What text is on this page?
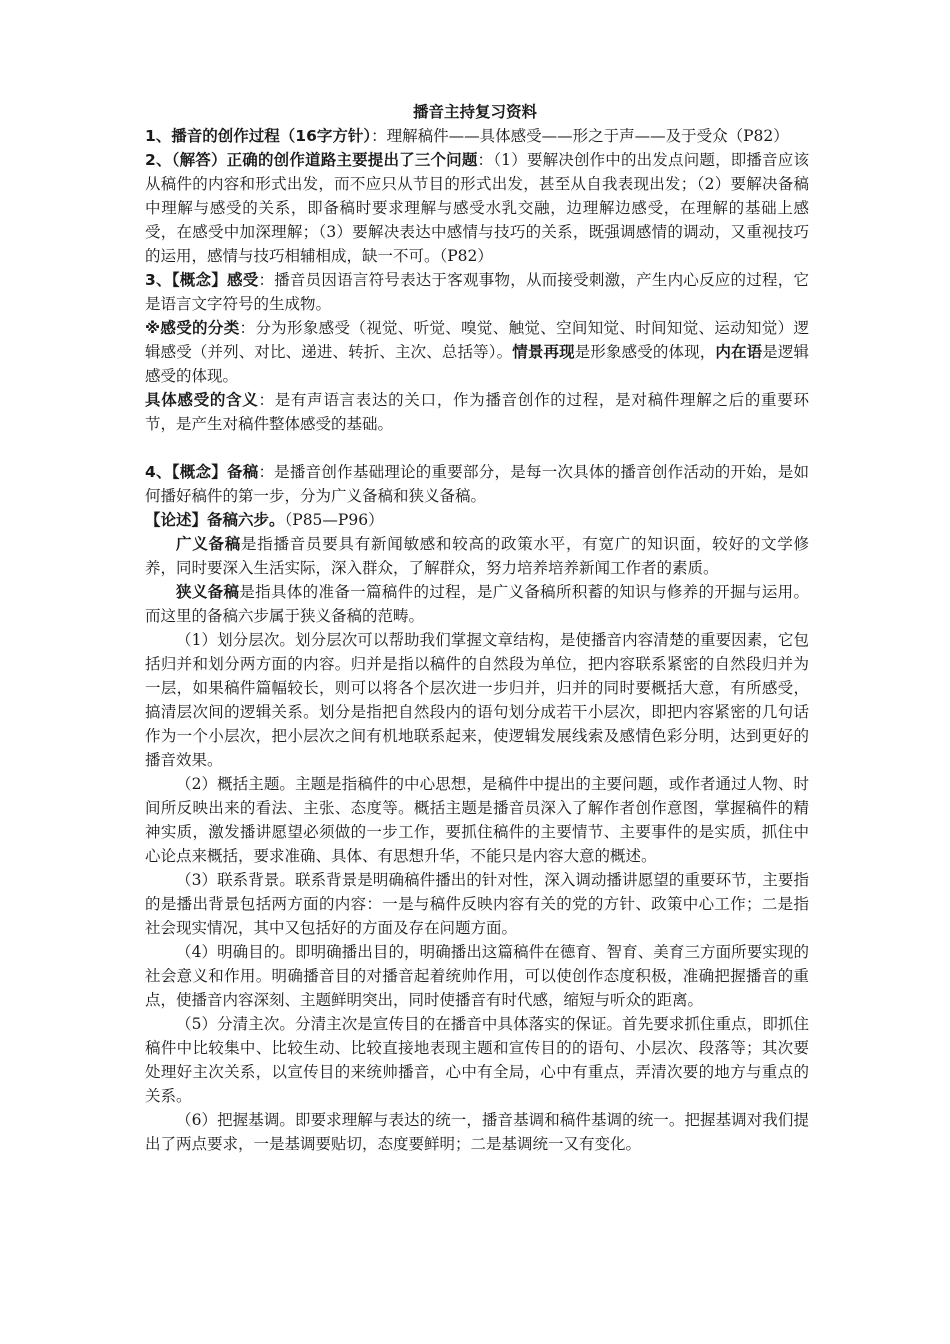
播音主持复习资料

1、播音的创作过程（16字方针）：理解稿件——具体感受——形之于声——及于受众（P82）

2、（解答）正确的创作道路主要提出了三个问题：（1）要解决创作中的出发点问题，即播音应该从稿件的内容和形式出发，而不应只从节目的形式出发，甚至从自我表现出发；（2）要解决备稿中理解与感受的关系，即备稿时要求理解与感受水乳交融，边理解边感受，在理解的基础上感受，在感受中加深理解；（3）要解决表达中感情与技巧的关系，既强调感情的调动，又重视技巧的运用，感情与技巧相辅相成，缺一不可。（P82）

3、【概念】感受：播音员因语言符号表达于客观事物，从而接受刺激，产生内心反应的过程，它是语言文字符号的生成物。

※感受的分类：分为形象感受（视觉、听觉、嗅觉、触觉、空间知觉、时间知觉、运动知觉）逻辑感受（并列、对比、递进、转折、主次、总括等）。情景再现是形象感受的体现，内在语是逻辑感受的体现。

具体感受的含义：是有声语言表达的关口，作为播音创作的过程，是对稿件理解之后的重要环节，是产生对稿件整体感受的基础。

4、【概念】备稿：是播音创作基础理论的重要部分，是每一次具体的播音创作活动的开始，是如何播好稿件的第一步，分为广义备稿和狭义备稿。

【论述】备稿六步。（P85—P96）

广义备稿是指播音员要具有新闻敏感和较高的政策水平，有宽广的知识面，较好的文学修养，同时要深入生活实际，深入群众，了解群众，努力培养培养新闻工作者的素质。

狭义备稿是指具体的准备一篇稿件的过程，是广义备稿所积蓄的知识与修养的开掘与运用。而这里的备稿六步属于狭义备稿的范畴。

（1）划分层次。划分层次可以帮助我们掌握文章结构，是使播音内容清楚的重要因素，它包括归并和划分两方面的内容。归并是指以稿件的自然段为单位，把内容联系紧密的自然段归并为一层，如果稿件篇幅较长，则可以将各个层次进一步归并，归并的同时要概括大意，有所感受，搞清层次间的逻辑关系。划分是指把自然段内的语句划分成若干小层次，即把内容紧密的几句话作为一个小层次，把小层次之间有机地联系起来，使逻辑发展线索及感情色彩分明，达到更好的播音效果。

（2）概括主题。主题是指稿件的中心思想，是稿件中提出的主要问题，或作者通过人物、时间所反映出来的看法、主张、态度等。概括主题是播音员深入了解作者创作意图，掌握稿件的精神实质，激发播讲愿望必须做的一步工作，要抓住稿件的主要情节、主要事件的是实质，抓住中心论点来概括，要求准确、具体、有思想升华，不能只是内容大意的概述。

（3）联系背景。联系背景是明确稿件播出的针对性，深入调动播讲愿望的重要环节，主要指的是播出背景包括两方面的内容：一是与稿件反映内容有关的党的方针、政策中心工作；二是指社会现实情况，其中又包括好的方面及存在问题方面。

（4）明确目的。即明确播出目的，明确播出这篇稿件在德育、智育、美育三方面所要实现的社会意义和作用。明确播音目的对播音起着统帅作用，可以使创作态度积极，准确把握播音的重点，使播音内容深刻、主题鲜明突出，同时使播音有时代感，缩短与听众的距离。

（5）分清主次。分清主次是宣传目的在播音中具体落实的保证。首先要求抓住重点，即抓住稿件中比较集中、比较生动、比较直接地表现主题和宣传目的的语句、小层次、段落等；其次要处理好主次关系，以宣传目的来统帅播音，心中有全局，心中有重点，弄清次要的地方与重点的关系。

（6）把握基调。即要求理解与表达的统一，播音基调和稿件基调的统一。把握基调对我们提出了两点要求，一是基调要贴切，态度要鲜明；二是基调统一又有变化。
